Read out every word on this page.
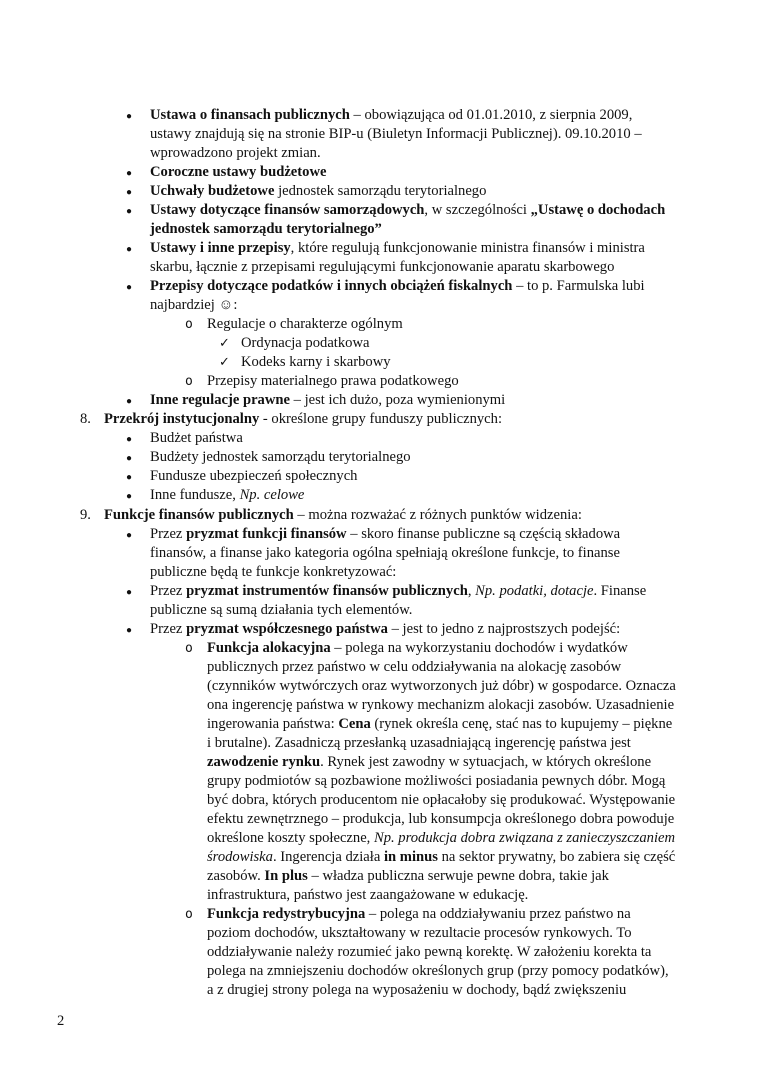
● Ustawa o finansach publicznych – obowiązująca od 01.01.2010, z sierpnia 2009,
ustawy znajdują się na stronie BIP-u (Biuletyn Informacji Publicznej). 09.10.2010 –
wprowadzono projekt zmian.
● Coroczne ustawy budżetowe
● Uchwały budżetowe jednostek samorządu terytorialnego
● Ustawy dotyczące finansów samorządowych, w szczególności „Ustawę o dochodach
jednostek samorządu terytorialnego”
● Ustawy i inne przepisy, które regulują funkcjonowanie ministra finansów i ministra
skarbu, łącznie z przepisami regulującymi funkcjonowanie aparatu skarbowego
● Przepisy dotyczące podatków i innych obciążeń fiskalnych – to p. Farmulska lubi
najbardziej ☺:
o Regulacje o charakterze ogólnym
✓ Ordynacja podatkowa
✓ Kodeks karny i skarbowy
o Przepisy materialnego prawa podatkowego
● Inne regulacje prawne – jest ich dużo, poza wymienionymi
8. Przekrój instytucjonalny - określone grupy funduszy publicznych:
● Budżet państwa
● Budżety jednostek samorządu terytorialnego
● Fundusze ubezpieczeń społecznych
● Inne fundusze, Np. celowe
9. Funkcje finansów publicznych – można rozważać z różnych punktów widzenia:
● Przez pryzmat funkcji finansów – skoro finanse publiczne są częścią składowa
finansów, a finanse jako kategoria ogólna spełniają określone funkcje, to finanse
publiczne będą te funkcje konkretyzować:
● Przez pryzmat instrumentów finansów publicznych, Np. podatki, dotacje. Finanse
publiczne są sumą działania tych elementów.
● Przez pryzmat współczesnego państwa – jest to jedno z najprostszych podejść:
o Funkcja alokacyjna – polega na wykorzystaniu dochodów i wydatków
publicznych przez państwo w celu oddziaływania na alokację zasobów
(czynników wytwórczych oraz wytworzonych już dóbr) w gospodarce. Oznacza
ona ingerencję państwa w rynkowy mechanizm alokacji zasobów. Uzasadnienie
ingerowania państwa: Cena (rynek określa cenę, stać nas to kupujemy – piękne
i brutalne). Zasadniczą przesłanką uzasadniającą ingerencję państwa jest
zawodzenie rynku. Rynek jest zawodny w sytuacjach, w których określone
grupy podmiotów są pozbawione możliwości posiadania pewnych dóbr. Mogą
być dobra, których producentom nie opłacałoby się produkować. Występowanie
efektu zewnętrznego – produkcja, lub konsumpcja określonego dobra powoduje
określone koszty społeczne, Np. produkcja dobra związana z zanieczyszczaniem
środowiska. Ingerencja działa in minus na sektor prywatny, bo zabiera się część
zasobów. In plus – władza publiczna serwuje pewne dobra, takie jak
infrastruktura, państwo jest zaangażowane w edukację.
o Funkcja redystrybucyjna – polega na oddziaływaniu przez państwo na
poziom dochodów, ukształtowany w rezultacie procesów rynkowych. To
oddziaływanie należy rozumieć jako pewną korektę. W założeniu korekta ta
polega na zmniejszeniu dochodów określonych grup (przy pomocy podatków),
a z drugiej strony polega na wyposażeniu w dochody, bądź zwiększeniu
2
